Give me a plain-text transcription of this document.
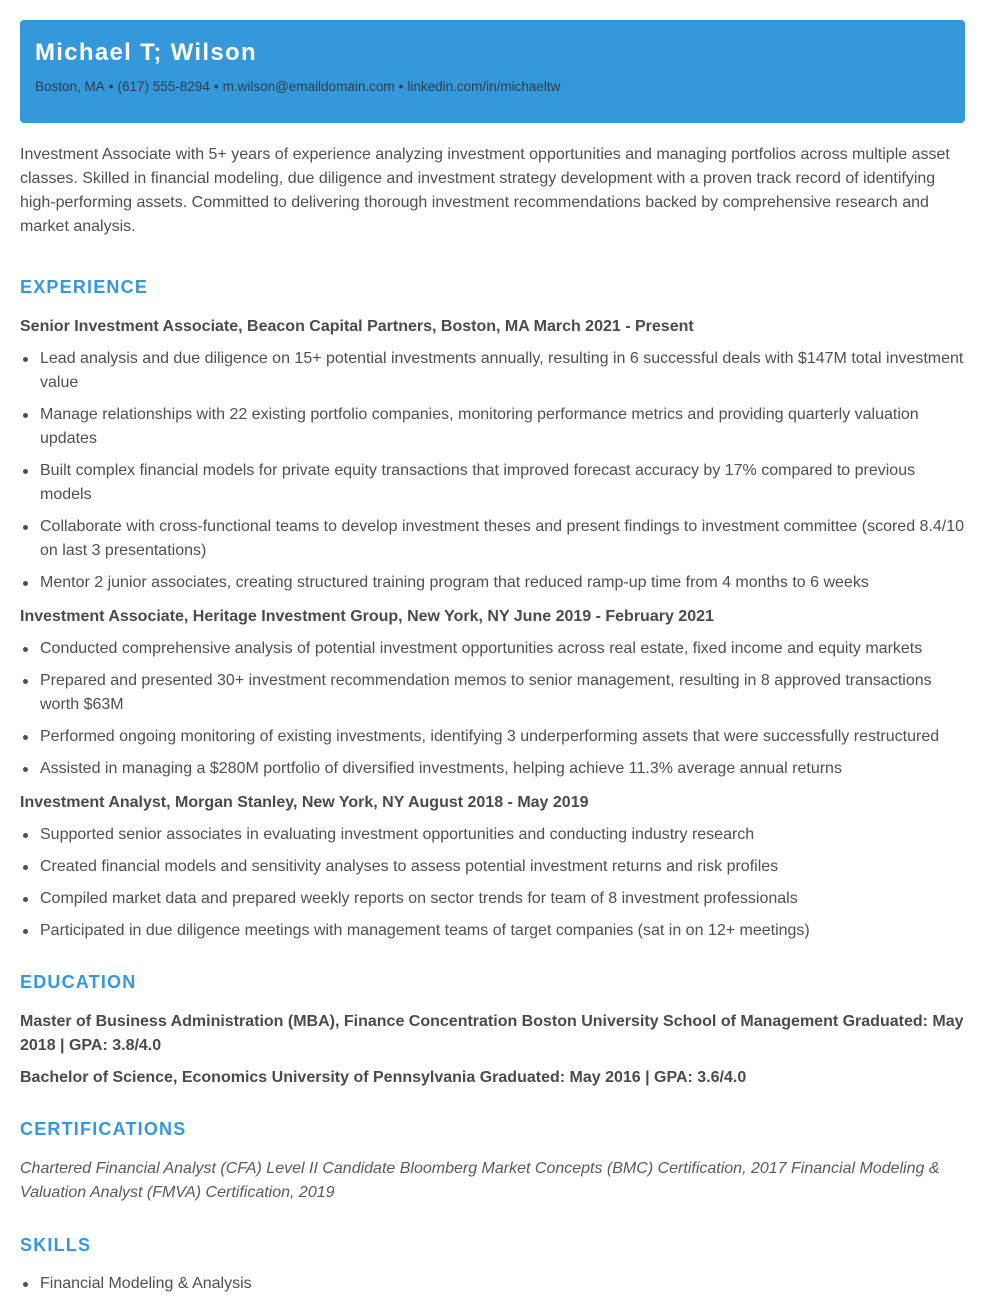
Michael T; Wilson
Boston, MA • (617) 555-8294 • m.wilson@emaildomain.com • linkedin.com/in/michaeltw
Investment Associate with 5+ years of experience analyzing investment opportunities and managing portfolios across multiple asset classes. Skilled in financial modeling, due diligence and investment strategy development with a proven track record of identifying high-performing assets. Committed to delivering thorough investment recommendations backed by comprehensive research and market analysis.
EXPERIENCE
Senior Investment Associate, Beacon Capital Partners, Boston, MA March 2021 - Present
Lead analysis and due diligence on 15+ potential investments annually, resulting in 6 successful deals with $147M total investment value
Manage relationships with 22 existing portfolio companies, monitoring performance metrics and providing quarterly valuation updates
Built complex financial models for private equity transactions that improved forecast accuracy by 17% compared to previous models
Collaborate with cross-functional teams to develop investment theses and present findings to investment committee (scored 8.4/10 on last 3 presentations)
Mentor 2 junior associates, creating structured training program that reduced ramp-up time from 4 months to 6 weeks
Investment Associate, Heritage Investment Group, New York, NY June 2019 - February 2021
Conducted comprehensive analysis of potential investment opportunities across real estate, fixed income and equity markets
Prepared and presented 30+ investment recommendation memos to senior management, resulting in 8 approved transactions worth $63M
Performed ongoing monitoring of existing investments, identifying 3 underperforming assets that were successfully restructured
Assisted in managing a $280M portfolio of diversified investments, helping achieve 11.3% average annual returns
Investment Analyst, Morgan Stanley, New York, NY August 2018 - May 2019
Supported senior associates in evaluating investment opportunities and conducting industry research
Created financial models and sensitivity analyses to assess potential investment returns and risk profiles
Compiled market data and prepared weekly reports on sector trends for team of 8 investment professionals
Participated in due diligence meetings with management teams of target companies (sat in on 12+ meetings)
EDUCATION
Master of Business Administration (MBA), Finance Concentration Boston University School of Management Graduated: May 2018 | GPA: 3.8/4.0
Bachelor of Science, Economics University of Pennsylvania Graduated: May 2016 | GPA: 3.6/4.0
CERTIFICATIONS
Chartered Financial Analyst (CFA) Level II Candidate Bloomberg Market Concepts (BMC) Certification, 2017 Financial Modeling & Valuation Analyst (FMVA) Certification, 2019
SKILLS
Financial Modeling & Analysis
